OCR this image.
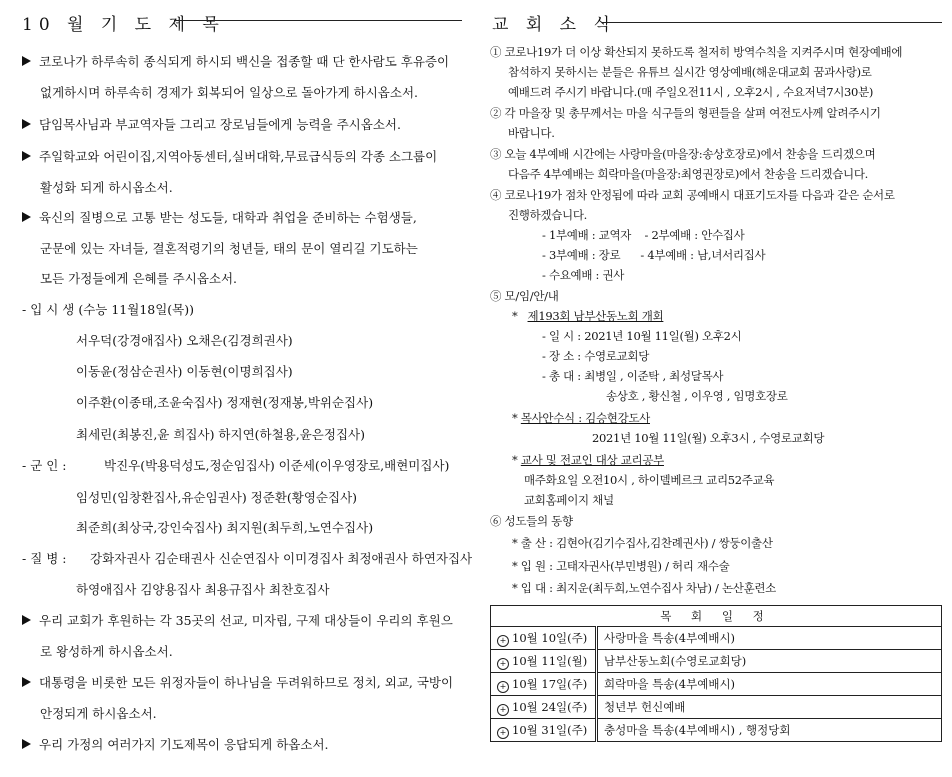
10 월 기 도 제 목
코로나가 하루속히 종식되게 하시되 백신을 접종할 때 단 한사람도 후유증이
없게하시며 하루속히 경제가 회복되어 일상으로 돌아가게 하시옵소서.
담임목사님과 부교역자들 그리고 장로님들에게 능력을 주시옵소서.
주일학교와 어린이집,지역아동센터,실버대학,무료급식등의 각종 소그룹이
활성화 되게 하시옵소서.
육신의 질병으로 고통 받는 성도들, 대학과 취업을 준비하는 수험생들,
군문에 있는 자녀들, 결혼적령기의 청년들, 태의 문이 열리길 기도하는
모든 가정들에게 은혜를 주시옵소서.
- 입 시 생 (수능 11월18일(목))
서우덕(강경애집사) 오채은(김경희권사)
이동윤(정삼순권사) 이동현(이명희집사)
이주환(이종태,조윤숙집사) 정재현(정재봉,박위순집사)
최세린(최봉진,윤 희집사) 하지연(하철용,윤은정집사)
- 군 인 :	박진우(박용덕성도,정순임집사) 이준세(이우영장로,배현미집사)
임성민(임창환집사,유순임권사) 정준환(황영순집사)
최준희(최상국,강인숙집사) 최지원(최두희,노연수집사)
- 질 병 : 강화자권사 김순태권사 신순연집사 이미경집사 최정애권사 하연자집사
하영애집사 김양용집사 최용규집사 최찬호집사
우리 교회가 후원하는 각 35곳의 선교, 미자립, 구제 대상들이 우리의 후원으
로 왕성하게 하시옵소서.
대통령을 비롯한 모든 위정자들이 하나님을 두려워하므로 정치, 외교, 국방이
안정되게 하시옵소서.
우리 가정의 여러가지 기도제목이 응답되게 하옵소서.
교 회 소 식
① 코로나19가 더 이상 확산되지 못하도록 철저히 방역수칙을 지켜주시며 현장예배에
참석하지 못하시는 분들은 유튜브 실시간 영상예배(해운대교회 꿈과사랑)로
예배드려 주시기 바랍니다.(매 주일오전11시 , 오후2시 , 수요저녁7시30분)
② 각 마을장 및 총무께서는 마을 식구들의 형편들을 살펴 여전도사께 알려주시기
바랍니다.
③ 오늘 4부예배 시간에는 사랑마을(마을장:송상호장로)에서 찬송을 드리겠으며
다음주 4부예배는 희락마을(마을장:최영권장로)에서 찬송을 드리겠습니다.
④ 코로나19가 점차 안정됨에 따라 교회 공예배시 대표기도자를 다음과 같은 순서로
진행하겠습니다.
- 1부예배 : 교역자    - 2부예배 : 안수집사
- 3부예배 : 장로      - 4부예배 : 남,녀서리집사
- 수요예배 : 권사
⑤ 모/임/안/내
*   제193회 남부산동노회 개회
- 일 시 : 2021년 10월 11일(월) 오후2시
- 장 소 : 수영로교회당
- 총 대 : 최병일 , 이준탁 , 최성달목사
송상호 , 황신철 , 이우영 , 임명호장로
* 목사안수식 : 김승현강도사
2021년 10월 11일(월) 오후3시 , 수영로교회당
* 교사 및 전교인 대상 교리공부
매주화요일 오전10시 , 하이델베르크 교리52주교육
교회홈페이지 채널
⑥ 성도들의 동향
* 출 산 : 김현아(김기수집사,김찬례권사) / 쌍둥이출산
* 입 원 : 고태자권사(부민병원) / 허리 재수술
* 입 대 : 최지운(최두희,노연수집사 차남) / 논산훈련소
목 회 일 정	
+ 10월 10일(주)	사랑마을 특송(4부예배시)
+ 10월 11일(월)	남부산동노회(수영로교회당)
+ 10월 17일(주)	희락마을 특송(4부예배시)
+ 10월 24일(주)	청년부 헌신예배
+ 10월 31일(주)	충성마을 특송(4부예배시) , 행정당회
